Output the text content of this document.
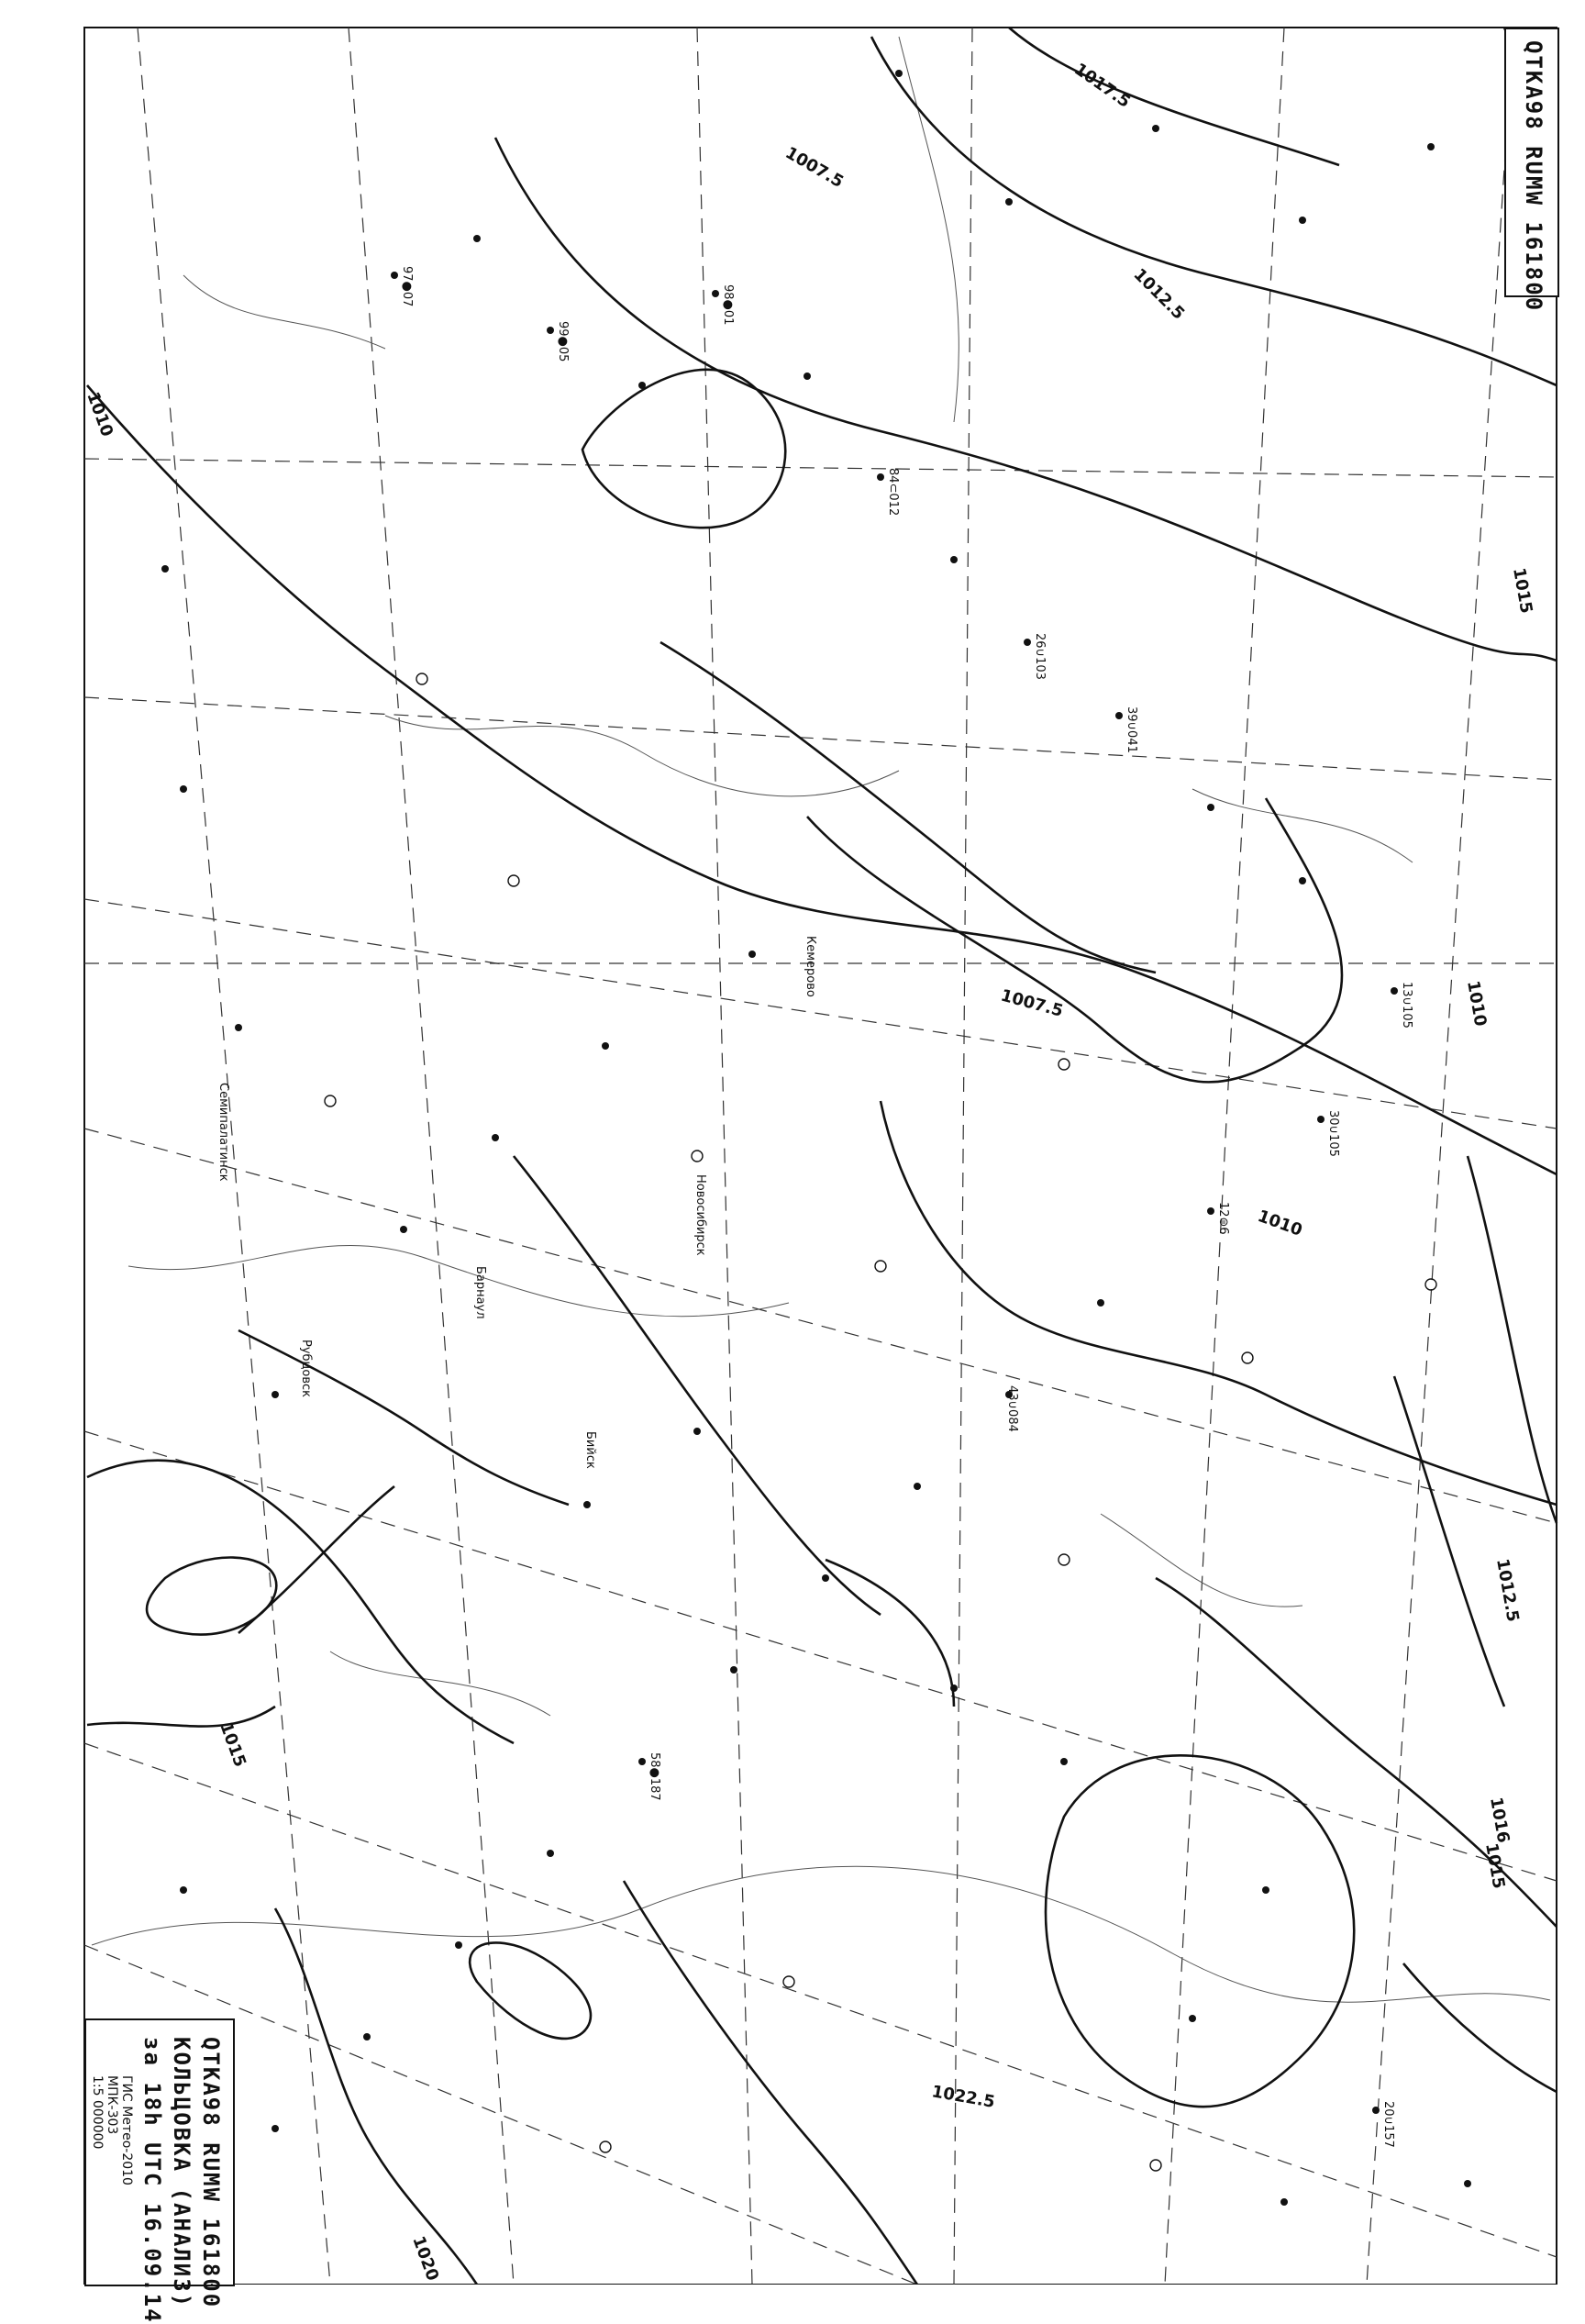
1017.5
1012.5
1007.5
1015
1010
1010
1010
1015
1012.5
1022.5
1020
1015
1007.5
1016
97●07
99●05
98●01
26∪103
13∪105
12⊜6
30∪105
39∪041
43∪084
58●187
84⊂012
20∪157
Новосибирск
Барнаул
Семипалатинск
Рубцовск
Бийск
Кемерово
QTKA98 RUMW 161800
QTKA98 RUMW 161800
КОЛЬЦОВКА (АНАЛИЗ)
за 18h UTC 16.09.14
ГИС Метео-2010
МПК-303
1:5 000000
